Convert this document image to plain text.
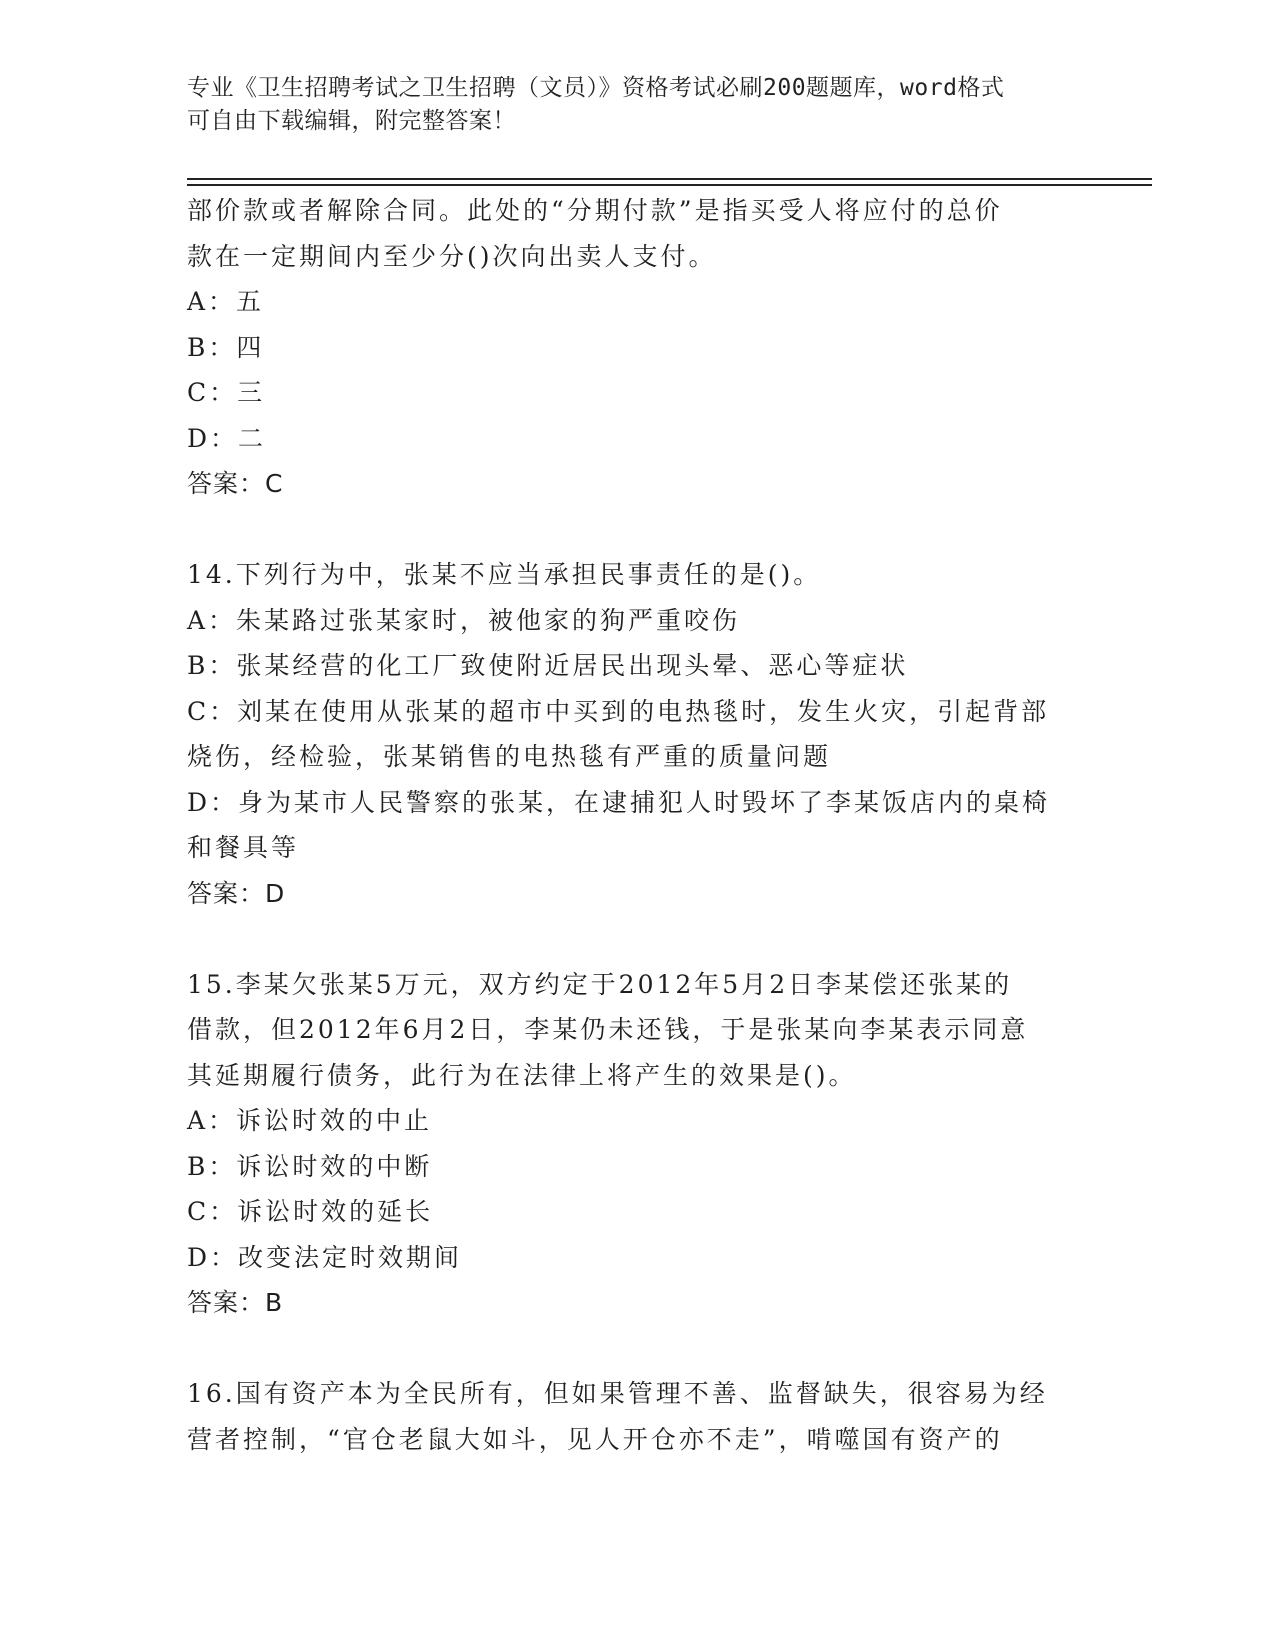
专业《卫生招聘考试之卫生招聘（文员）》资格考试必刷200题题库，word格式
可自由下载编辑，附完整答案！
部价款或者解除合同。此处的“分期付款”是指买受人将应付的总价
款在一定期间内至少分()次向出卖人支付。
A：五
B：四
C：三
D：二
答案：C
14.下列行为中，张某不应当承担民事责任的是()。
A：朱某路过张某家时，被他家的狗严重咬伤
B：张某经营的化工厂致使附近居民出现头晕、恶心等症状
C：刘某在使用从张某的超市中买到的电热毯时，发生火灾，引起背部
烧伤，经检验，张某销售的电热毯有严重的质量问题
D：身为某市人民警察的张某，在逮捕犯人时毁坏了李某饭店内的桌椅
和餐具等
答案：D
15.李某欠张某5万元，双方约定于2012年5月2日李某偿还张某的
借款，但2012年6月2日，李某仍未还钱，于是张某向李某表示同意
其延期履行债务，此行为在法律上将产生的效果是()。
A：诉讼时效的中止
B：诉讼时效的中断
C：诉讼时效的延长
D：改变法定时效期间
答案：B
16.国有资产本为全民所有，但如果管理不善、监督缺失，很容易为经
营者控制，“官仓老鼠大如斗，见人开仓亦不走”，啃噬国有资产的
